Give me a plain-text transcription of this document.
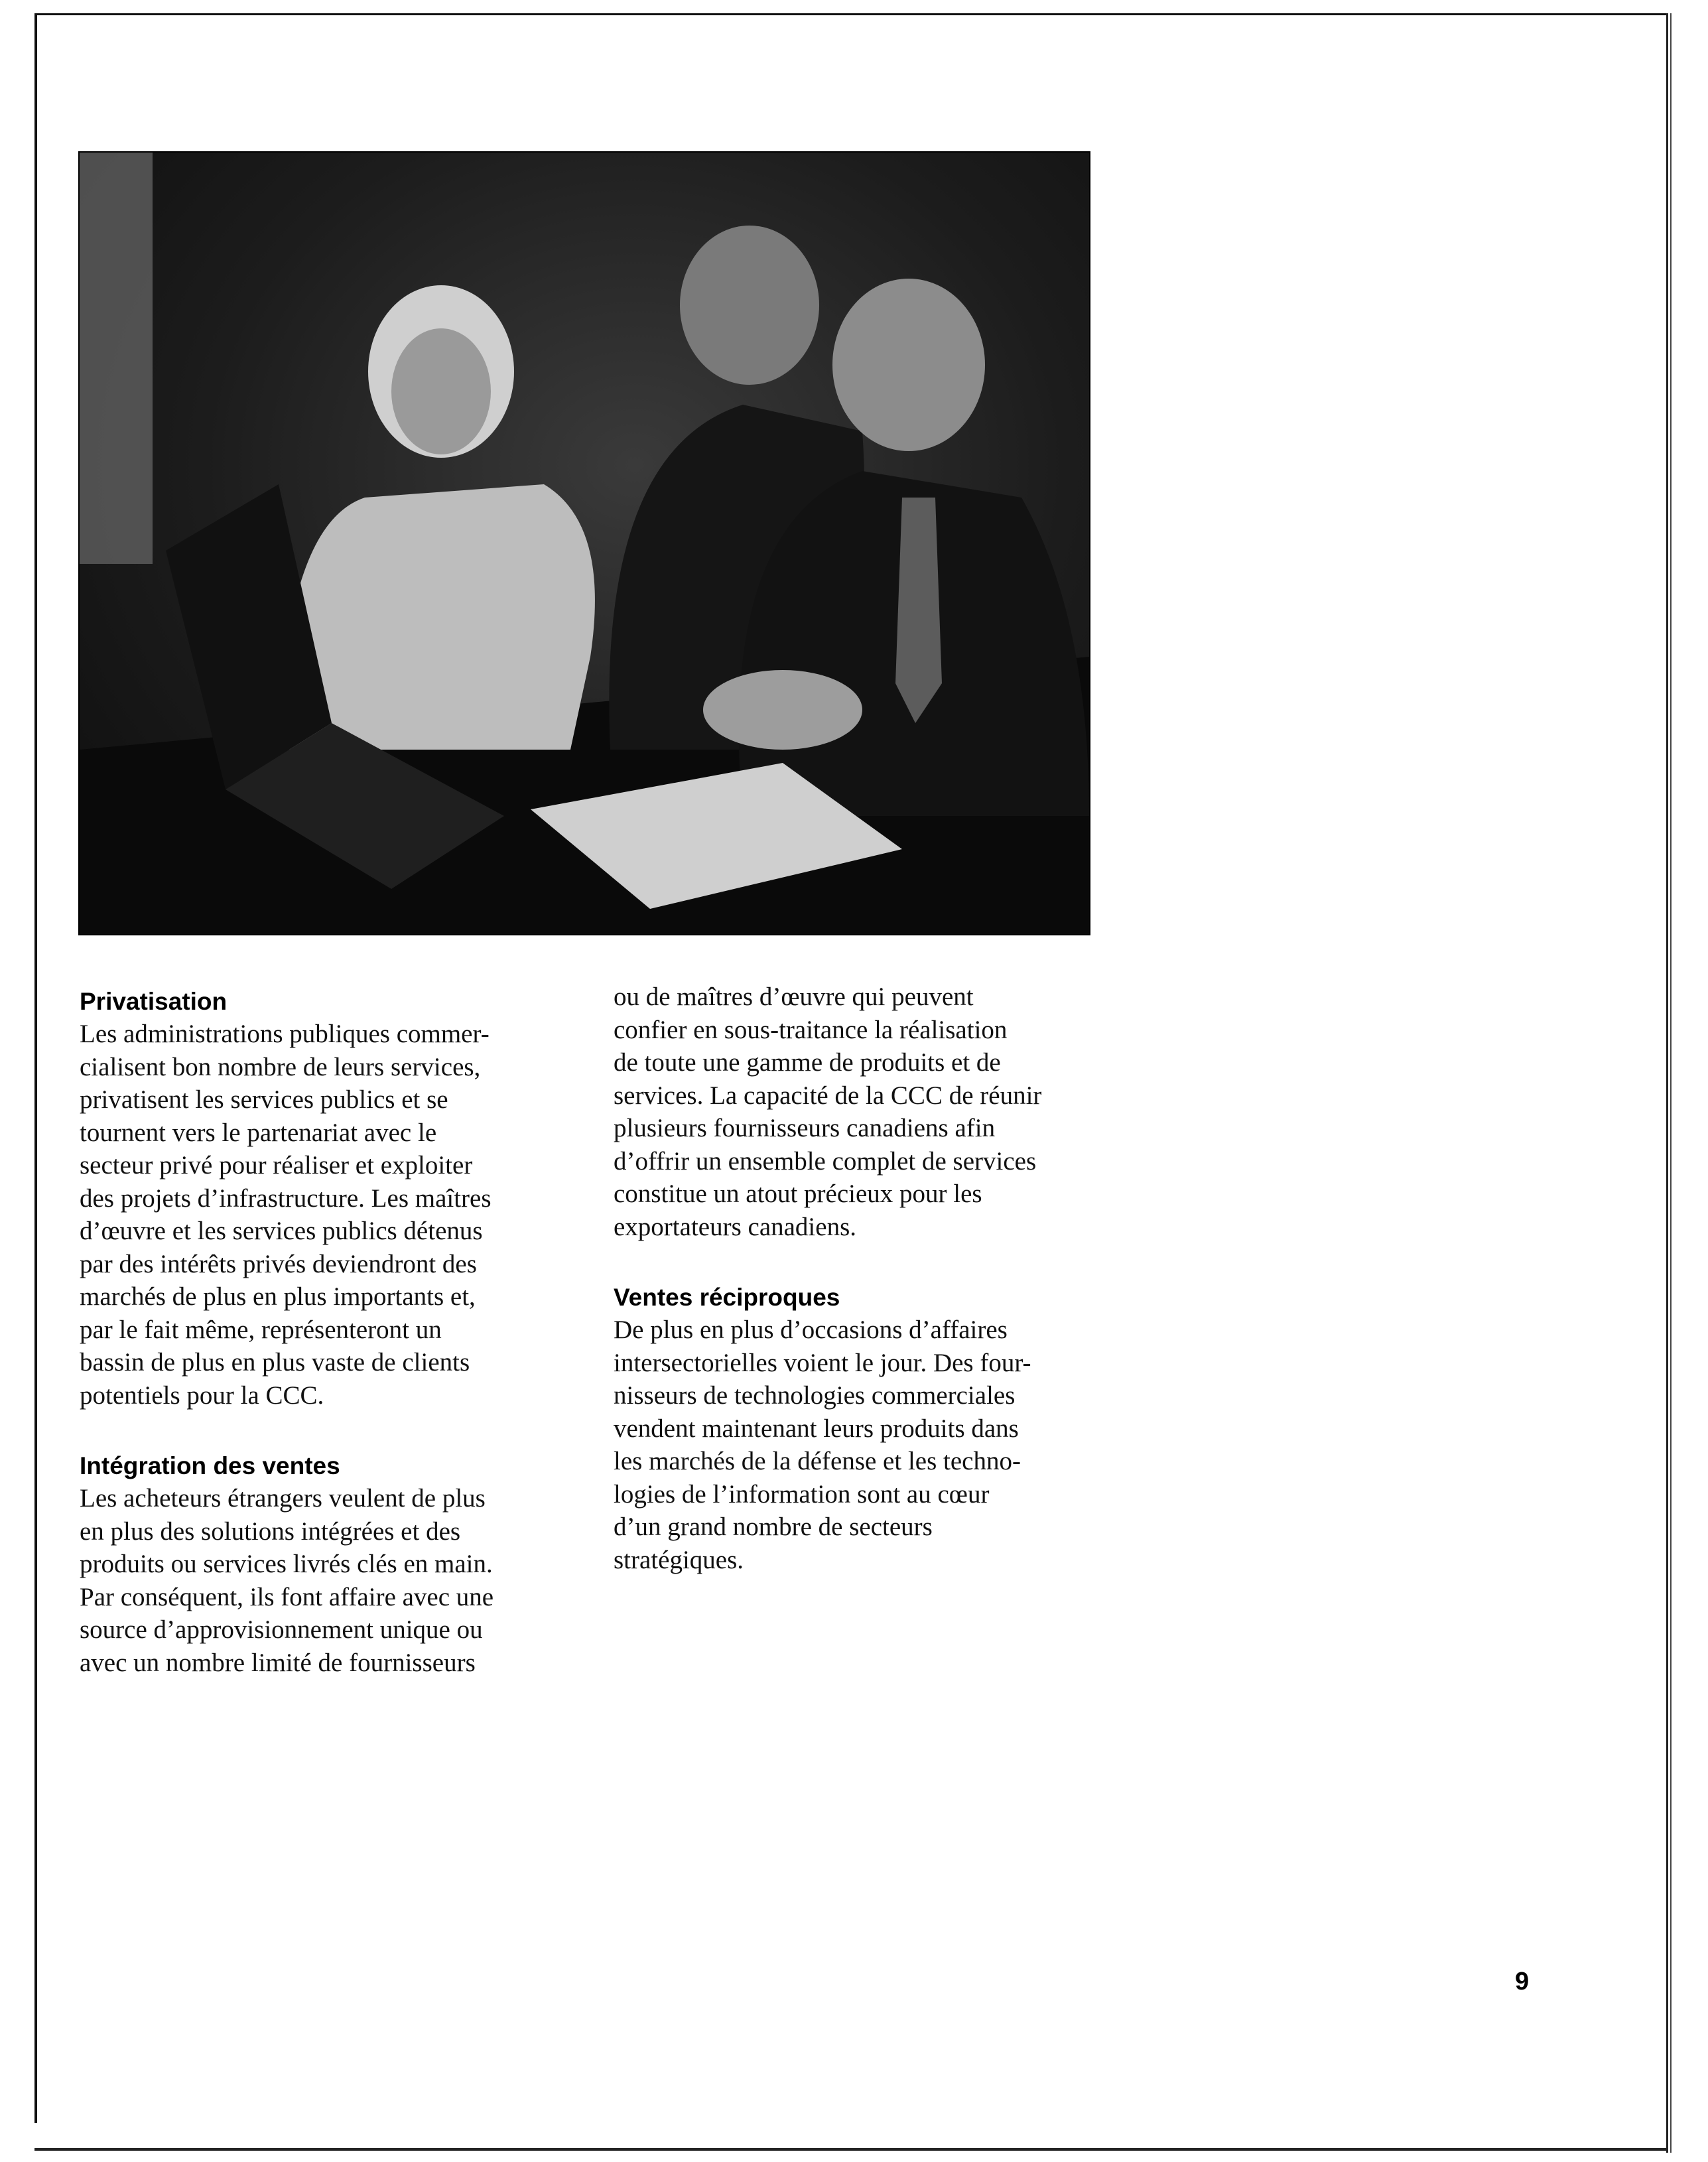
Privatisation

Les administrations publiques commer-
cialisent bon nombre de leurs services,
privatisent les services publics et se
tournent vers le partenariat avec le
secteur privé pour réaliser et exploiter
des projets d’infrastructure. Les maîtres
d’œuvre et les services publics détenus
par des intérêts privés deviendront des
marchés de plus en plus importants et,
par le fait même, représenteront un
bassin de plus en plus vaste de clients
potentiels pour la CCC.

Intégration des ventes

Les acheteurs étrangers veulent de plus
en plus des solutions intégrées et des
produits ou services livrés clés en main.
Par conséquent, ils font affaire avec une
source d’approvisionnement unique ou
avec un nombre limité de fournisseurs

ou de maîtres d’œuvre qui peuvent
confier en sous-traitance la réalisation
de toute une gamme de produits et de
services. La capacité de la CCC de réunir
plusieurs fournisseurs canadiens afin
d’offrir un ensemble complet de services
constitue un atout précieux pour les
exportateurs canadiens.

Ventes réciproques

De plus en plus d’occasions d’affaires
intersectorielles voient le jour. Des four-
nisseurs de technologies commerciales
vendent maintenant leurs produits dans
les marchés de la défense et les techno-
logies de l’information sont au cœur
d’un grand nombre de secteurs
stratégiques.

9
